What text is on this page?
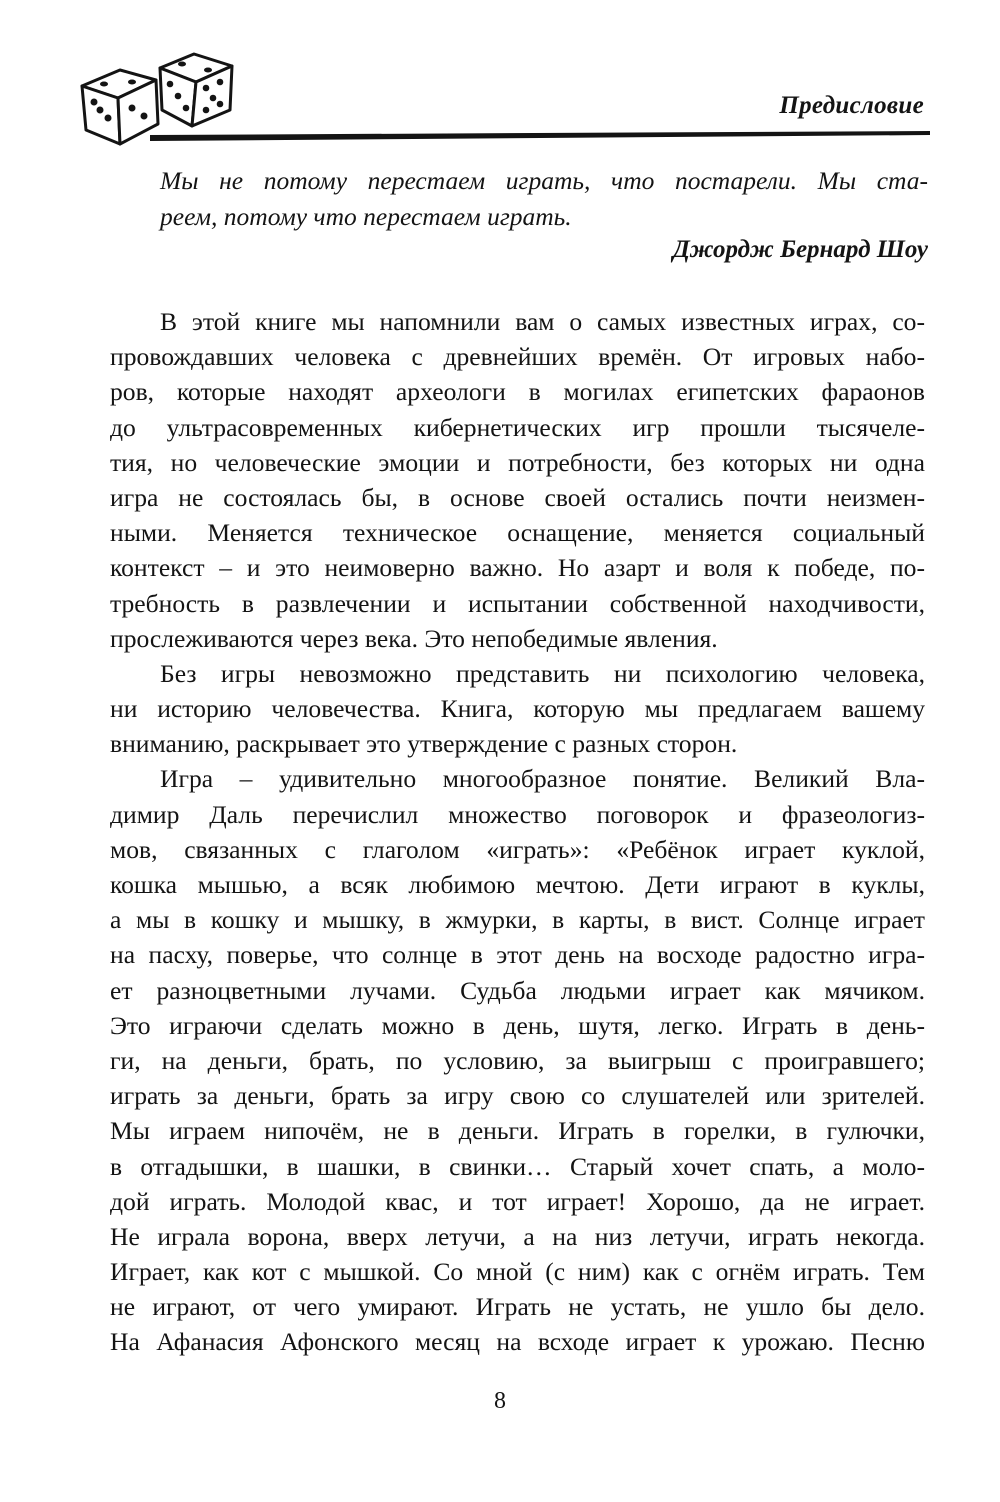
Предисловие
Мы не потому перестаем играть, что постарели. Мы ста-
реем, потому что перестаем играть.
Джордж Бернард Шоу
В этой книге мы напомнили вам о самых известных играх, со-
провождавших человека с древнейших времён. От игровых набо-
ров, которые находят археологи в могилах египетских фараонов
до ультрасовременных кибернетических игр прошли тысячеле-
тия, но человеческие эмоции и потребности, без которых ни одна
игра не состоялась бы, в основе своей остались почти неизмен-
ными. Меняется техническое оснащение, меняется социальный
контекст – и это неимоверно важно. Но азарт и воля к победе, по-
требность в развлечении и испытании собственной находчивости,
прослеживаются через века. Это непобедимые явления.
Без игры невозможно представить ни психологию человека,
ни историю человечества. Книга, которую мы предлагаем вашему
вниманию, раскрывает это утверждение с разных сторон.
Игра – удивительно многообразное понятие. Великий Вла-
димир Даль перечислил множество поговорок и фразеологиз-
мов, связанных с глаголом «играть»: «Ребёнок играет куклой,
кошка мышью, а всяк любимою мечтою. Дети играют в куклы,
а мы в кошку и мышку, в жмурки, в карты, в вист. Солнце играет
на пасху, поверье, что солнце в этот день на восходе радостно игра-
ет разноцветными лучами. Судьба людьми играет как мячиком.
Это играючи сделать можно в день, шутя, легко. Играть в день-
ги, на деньги, брать, по условию, за выигрыш с проигравшего;
играть за деньги, брать за игру свою со слушателей или зрителей.
Мы играем нипочём, не в деньги. Играть в горелки, в гулючки,
в отгадышки, в шашки, в свинки… Старый хочет спать, а моло-
дой играть. Молодой квас, и тот играет! Хорошо, да не играет.
Не играла ворона, вверх летучи, а на низ летучи, играть некогда.
Играет, как кот с мышкой. Со мной (с ним) как с огнём играть. Тем
не играют, от чего умирают. Играть не устать, не ушло бы дело.
На Афанасия Афонского месяц на всходе играет к урожаю. Песню
8
